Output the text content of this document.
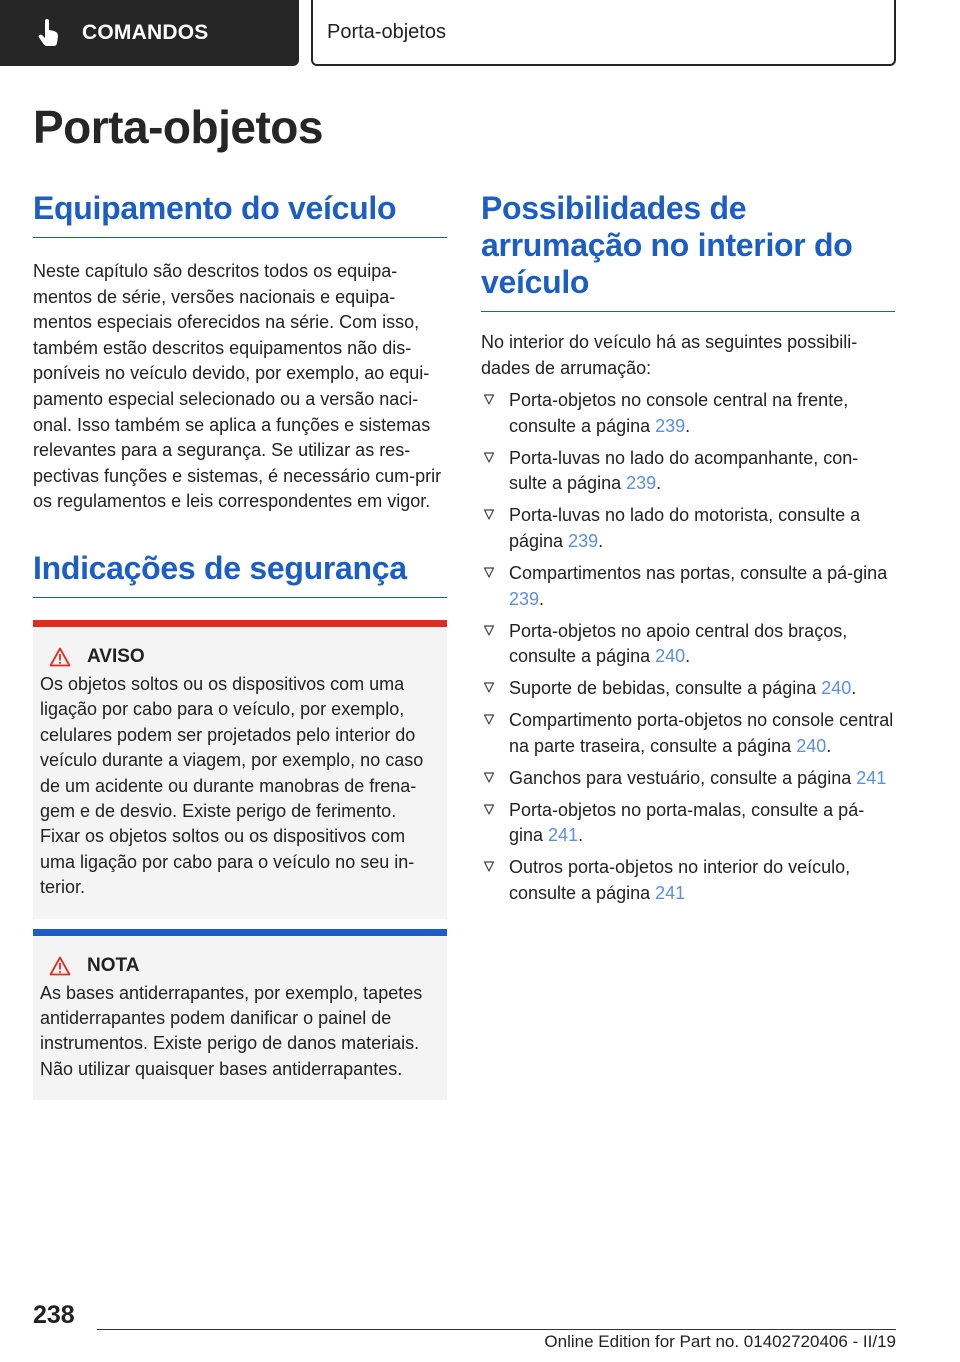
COMANDOS	Porta-objetos
Porta-objetos
Equipamento do veículo

Neste capítulo são descritos todos os equipa-mentos de série, versões nacionais e equipa-mentos especiais oferecidos na série. Com isso, também estão descritos equipamentos não dis-poníveis no veículo devido, por exemplo, ao equi-pamento especial selecionado ou a versão naci-onal. Isso também se aplica a funções e sistemas relevantes para a segurança. Se utilizar as res-pectivas funções e sistemas, é necessário cum-prir os regulamentos e leis correspondentes em vigor.

Indicações de segurança
AVISO

Os objetos soltos ou os dispositivos com uma ligação por cabo para o veículo, por exemplo, celulares podem ser projetados pelo interior do veículo durante a viagem, por exemplo, no caso de um acidente ou durante manobras de frena-gem e de desvio. Existe perigo de ferimento. Fixar os objetos soltos ou os dispositivos com uma ligação por cabo para o veículo no seu in-terior.

NOTA

As bases antiderrapantes, por exemplo, tapetes antiderrapantes podem danificar o painel de instrumentos. Existe perigo de danos materiais. Não utilizar quaisquer bases antiderrapantes.

Possibilidades de arrumação no interior do veículo

No interior do veículo há as seguintes possibili-dades de arrumação:

Porta-objetos no console central na frente, consulte a página 239.
Porta-luvas no lado do acompanhante, con-sulte a página 239.
Porta-luvas no lado do motorista, consulte a página 239.
Compartimentos nas portas, consulte a pá-gina 239.
Porta-objetos no apoio central dos braços, consulte a página 240.
Suporte de bebidas, consulte a página 240.
Compartimento porta-objetos no console central na parte traseira, consulte a página 240.
Ganchos para vestuário, consulte a página 241
Porta-objetos no porta-malas, consulte a pá-gina 241.
Outros porta-objetos no interior do veículo, consulte a página 241
238
Online Edition for Part no. 01402720406 - II/19
